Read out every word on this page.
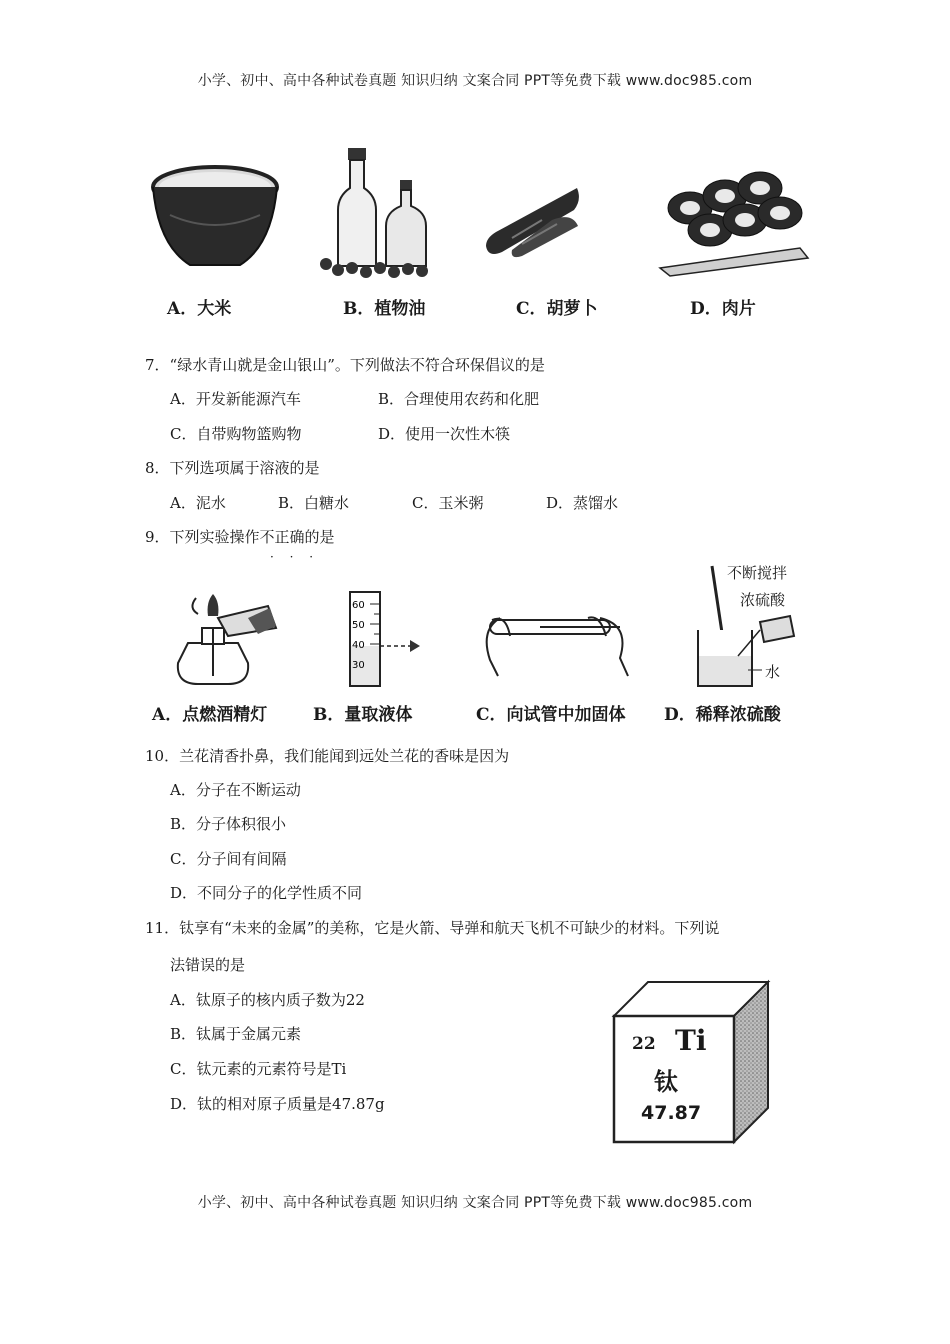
小学、初中、高中各种试卷真题 知识归纳 文案合同 PPT等免费下载 www.doc985.com
A．大米	B．植物油	C．胡萝卜	D．肉片
7．“绿水青山就是金山银山”。下列做法不符合环保倡议的是
A．开发新能源汽车	B．合理使用农药和化肥
C．自带购物篮购物	D．使用一次性木筷
8．下列选项属于溶液的是
A．泥水	B．白糖水	C．玉米粥	D．蒸馏水
9．下列实验操作不正确的是
· · ·
60
50
40
30
不断搅拌
浓硫酸
水
A．点燃酒精灯	B．量取液体	C．向试管中加固体 D．稀释浓硫酸
10．兰花清香扑鼻，我们能闻到远处兰花的香味是因为
A．分子在不断运动
B．分子体积很小
C．分子间有间隔
D．不同分子的化学性质不同
11．钛享有“未来的金属”的美称，它是火箭、导弹和航天飞机不可缺少的材料。下列说
法错误的是
A．钛原子的核内质子数为22
B．钛属于金属元素
C．钛元素的元素符号是Ti
D．钛的相对原子质量是47.87g
22 Ti
钛
47.87
小学、初中、高中各种试卷真题 知识归纳 文案合同 PPT等免费下载 www.doc985.com
